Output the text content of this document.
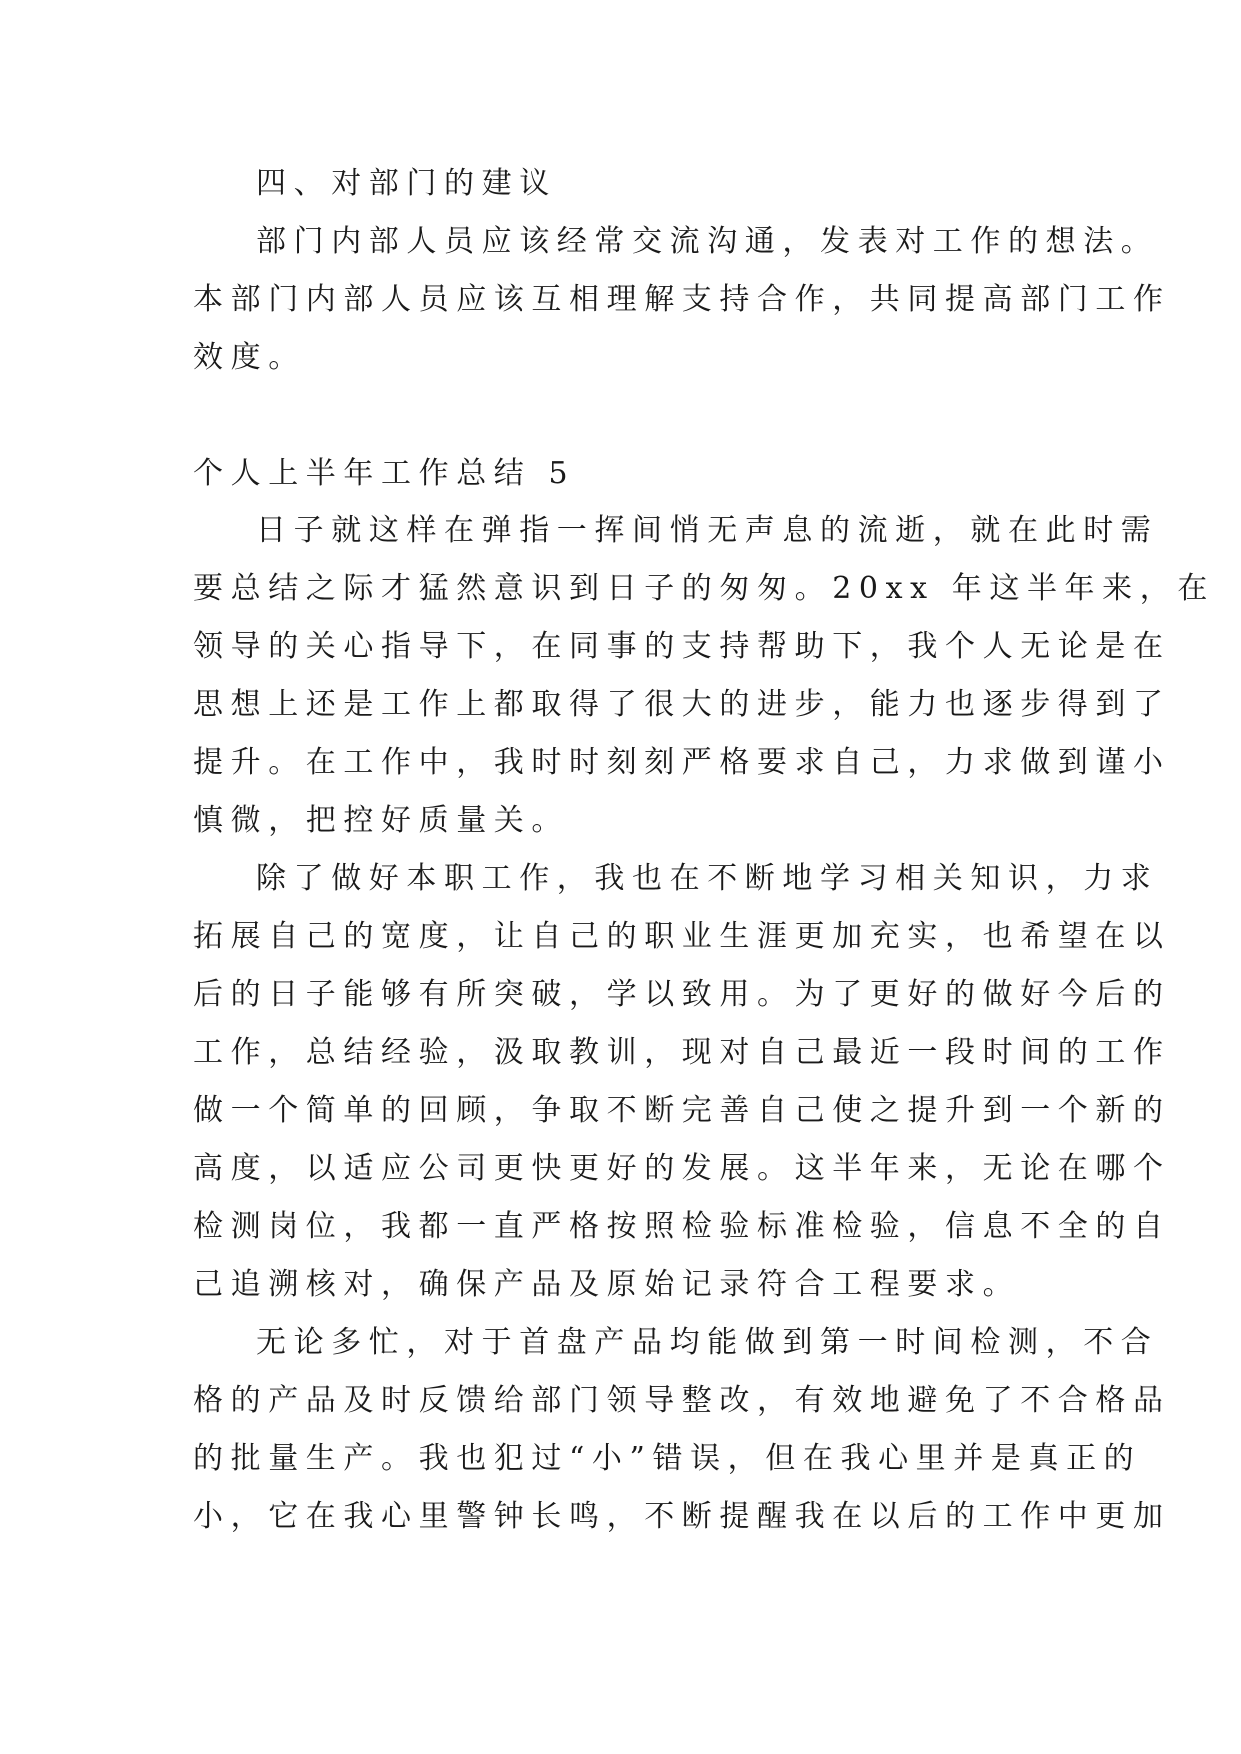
四、对部门的建议
部门内部人员应该经常交流沟通，发表对工作的想法。
本部门内部人员应该互相理解支持合作，共同提高部门工作
效度。
个人上半年工作总结 5
日子就这样在弹指一挥间悄无声息的流逝，就在此时需
要总结之际才猛然意识到日子的匆匆。20xx 年这半年来，在
领导的关心指导下，在同事的支持帮助下，我个人无论是在
思想上还是工作上都取得了很大的进步，能力也逐步得到了
提升。在工作中，我时时刻刻严格要求自己，力求做到谨小
慎微，把控好质量关。
除了做好本职工作，我也在不断地学习相关知识，力求
拓展自己的宽度，让自己的职业生涯更加充实，也希望在以
后的日子能够有所突破，学以致用。为了更好的做好今后的
工作，总结经验，汲取教训，现对自己最近一段时间的工作
做一个简单的回顾，争取不断完善自己使之提升到一个新的
高度，以适应公司更快更好的发展。这半年来，无论在哪个
检测岗位，我都一直严格按照检验标准检验，信息不全的自
己追溯核对，确保产品及原始记录符合工程要求。
无论多忙，对于首盘产品均能做到第一时间检测，不合
格的产品及时反馈给部门领导整改，有效地避免了不合格品
的批量生产。我也犯过“小”错误，但在我心里并是真正的
小，它在我心里警钟长鸣，不断提醒我在以后的工作中更加
